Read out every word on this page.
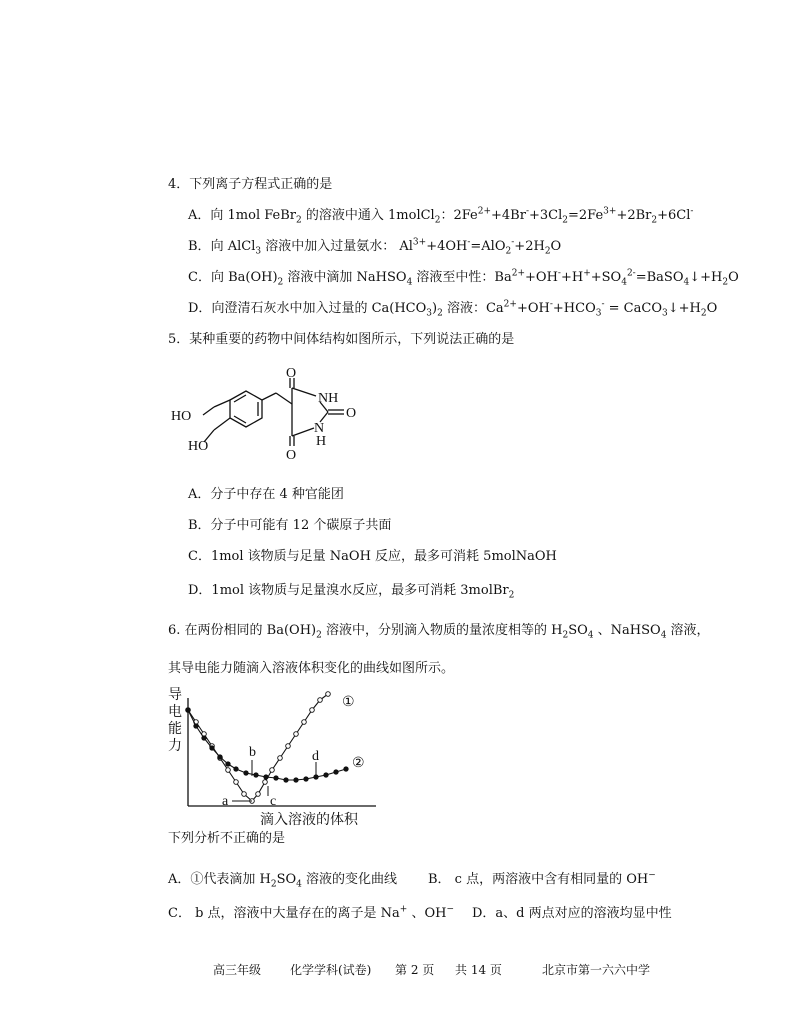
4．下列离子方程式正确的是
A．向 1mol FeBr$_2$ 的溶液中通入 1molCl$_2$：$2Fe^{2+}+4Br^-+3Cl_2=2Fe^{3+}+2Br_2+6Cl^-$
B．向 AlCl$_3$ 溶液中加入过量氨水： $Al^{3+}+4OH^-=AlO_2^-+2H_2O$
C．向 $Ba(OH)_2$ 溶液中滴加 NaHSO$_4$ 溶液至中性：$Ba^{2+}+OH^-+H^++SO_4^{2-}=BaSO_4↓+H_2O$
D．向澄清石灰水中加入过量的 $Ca(HCO_3)_2$ 溶液：$Ca^{2+}+OH^-+HCO_3^-$ = $CaCO_3↓+H_2O$
5．某种重要的药物中间体结构如图所示，下列说法正确的是
HO
HO
O
O
O
NH
N
H
A．分子中存在 4 种官能团
B．分子中可能有 12 个碳原子共面
C．1mol 该物质与足量 NaOH 反应，最多可消耗 5molNaOH
D．1mol 该物质与足量溴水反应，最多可消耗 3molBr$_2$
6. 在两份相同的 $Ba(OH)_2$ 溶液中，分别滴入物质的量浓度相等的 $H_2SO_4$ 、NaHSO$_4$ 溶液，
其导电能力随滴入溶液体积变化的曲线如图所示。
导
电
能
力
滴入溶液的体积
①
②
b	d
a	c
下列分析不正确的是
A．①代表滴加 $H_2SO_4$ 溶液的变化曲线 B． c 点，两溶液中含有相同量的 OH−
C． b 点，溶液中大量存在的离子是 Na+ 、OH− D．a、d 两点对应的溶液均显中性
高三年级 化学学科(试卷) 第 2 页 共 14 页	北京市第一六六中学
